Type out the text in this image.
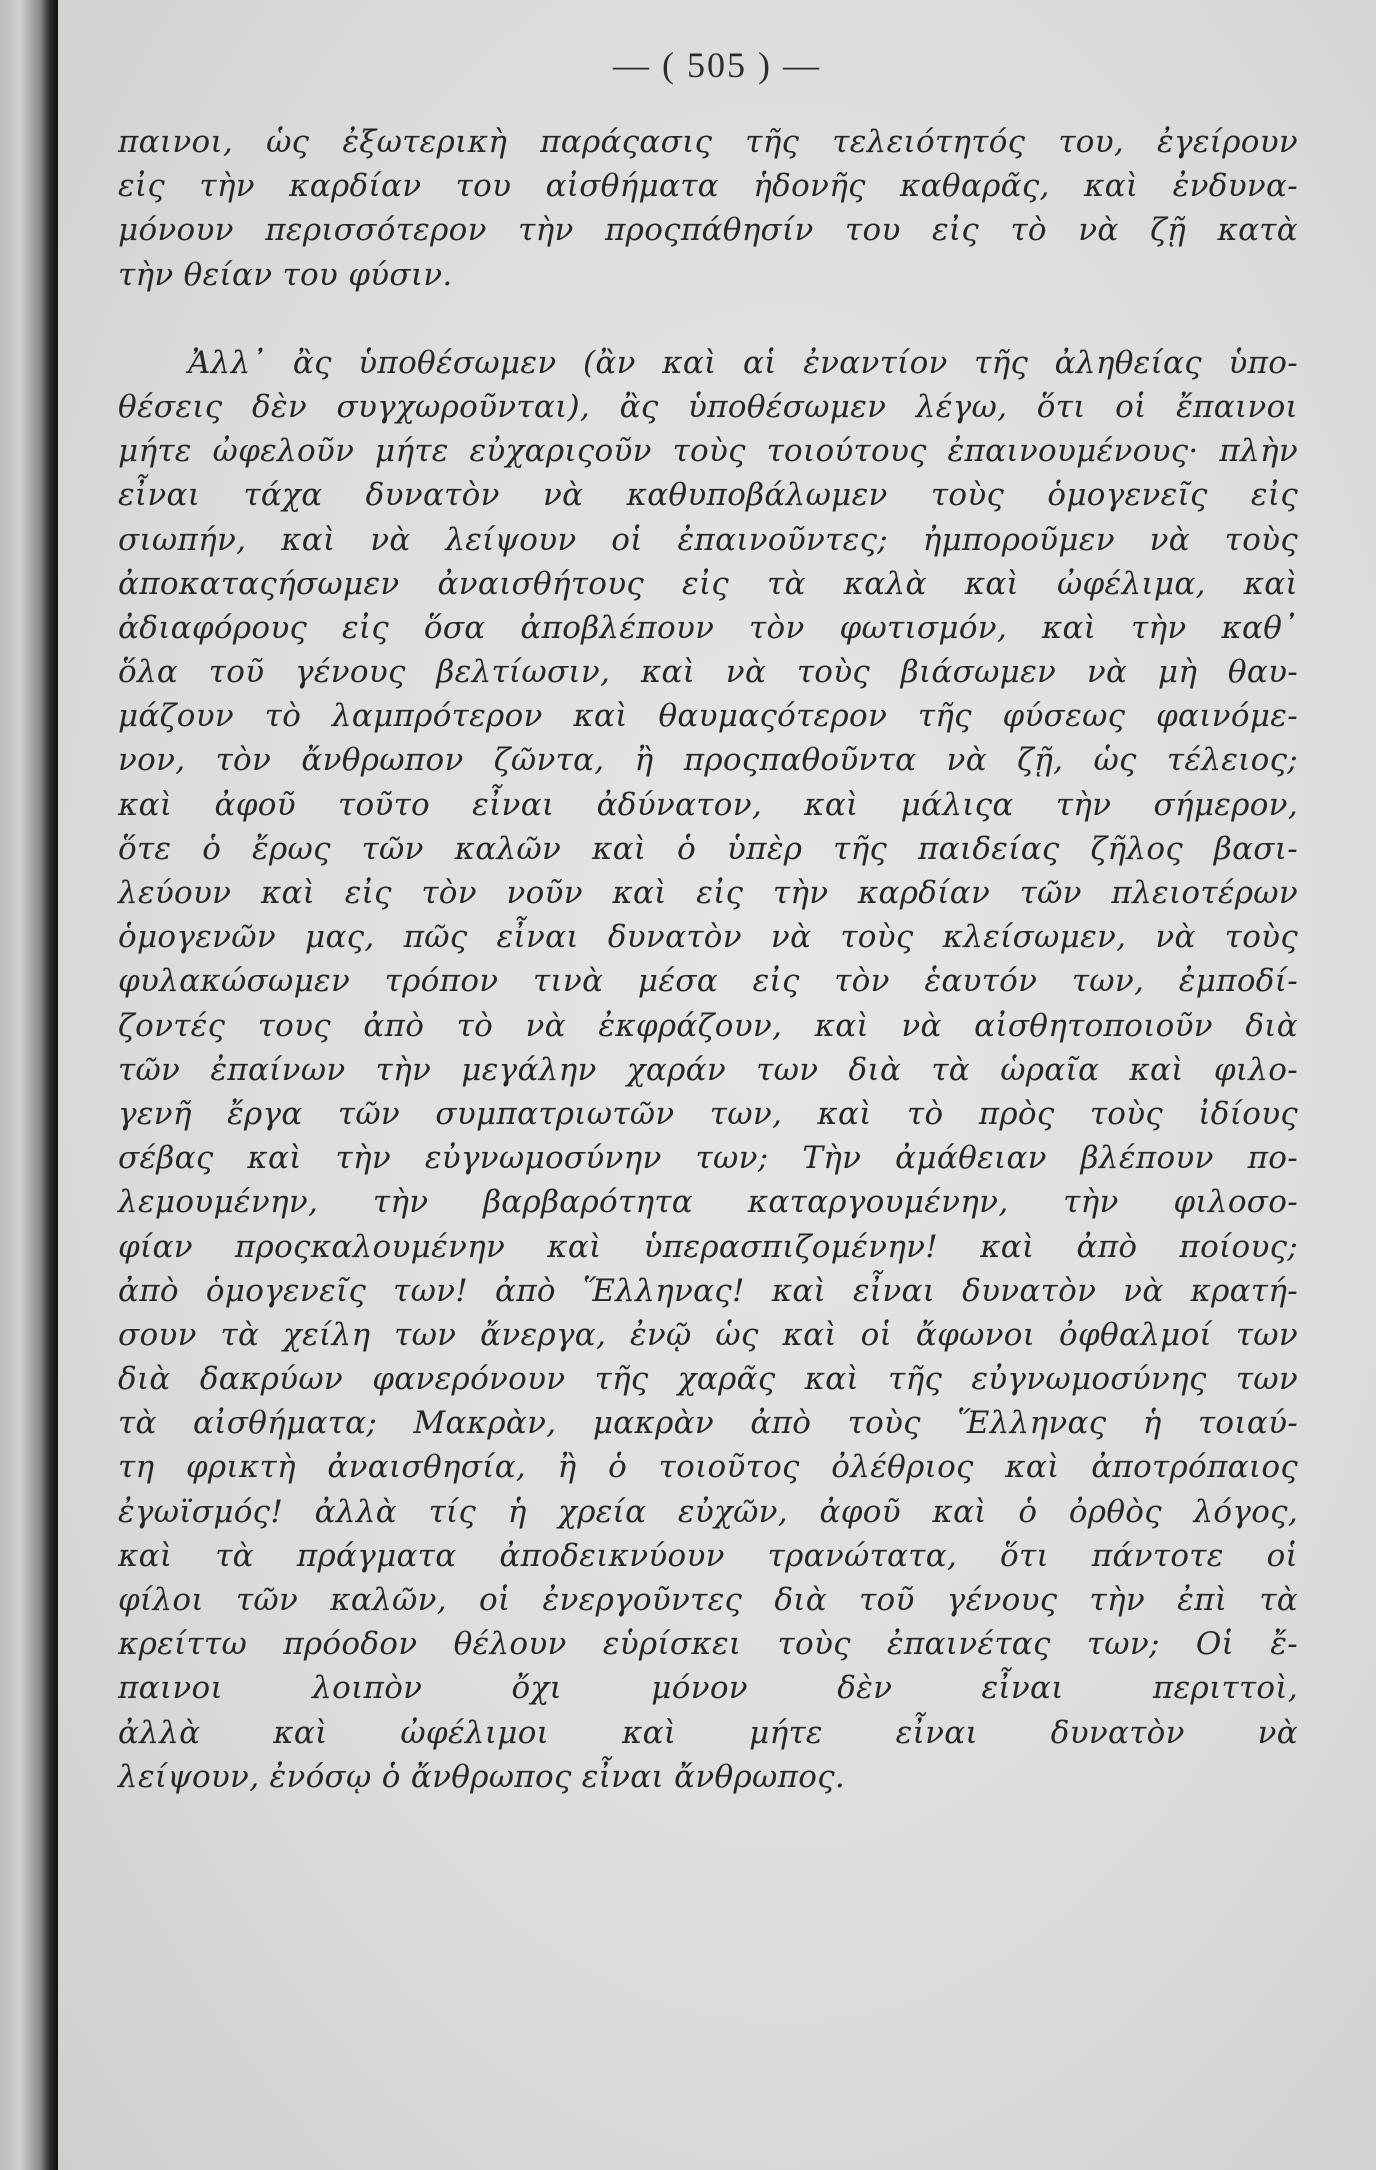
— ( 505 ) —
παινοι, ὡς ἐξωτερικὴ παράςασις τῆς τελειότητός του, ἐγείρουν
εἰς τὴν καρδίαν του αἰσθήματα ἡδονῆς καθαρᾶς, καὶ ἐνδυνα-
μόνουν περισσότερον τὴν προςπάθησίν του εἰς τὸ νὰ ζῇ κατὰ
τὴν θείαν του φύσιν.
Ἀλλ᾽ ἂς ὑποθέσωμεν (ἂν καὶ αἱ ἐναντίον τῆς ἀληθείας ὑπο-
θέσεις δὲν συγχωροῦνται), ἂς ὑποθέσωμεν λέγω, ὅτι οἱ ἔπαινοι
μήτε ὠφελοῦν μήτε εὐχαριςοῦν τοὺς τοιούτους ἐπαινουμένους· πλὴν
εἶναι τάχα δυνατὸν νὰ καθυποβάλωμεν τοὺς ὁμογενεῖς εἰς
σιωπήν, καὶ νὰ λείψουν οἱ ἐπαινοῦντες; ἠμποροῦμεν νὰ τοὺς
ἀποκαταςήσωμεν ἀναισθήτους εἰς τὰ καλὰ καὶ ὠφέλιμα, καὶ
ἀδιαφόρους εἰς ὅσα ἀποβλέπουν τὸν φωτισμόν, καὶ τὴν καθ᾽
ὅλα τοῦ γένους βελτίωσιν, καὶ νὰ τοὺς βιάσωμεν νὰ μὴ θαυ-
μάζουν τὸ λαμπρότερον καὶ θαυμαςότερον τῆς φύσεως φαινόμε-
νον, τὸν ἄνθρωπον ζῶντα, ἢ προςπαθοῦντα νὰ ζῇ, ὡς τέλειος;
καὶ ἀφοῦ τοῦτο εἶναι ἀδύνατον, καὶ μάλιςα τὴν σήμερον,
ὅτε ὁ ἔρως τῶν καλῶν καὶ ὁ ὑπὲρ τῆς παιδείας ζῆλος βασι-
λεύουν καὶ εἰς τὸν νοῦν καὶ εἰς τὴν καρδίαν τῶν πλειοτέρων
ὁμογενῶν μας, πῶς εἶναι δυνατὸν νὰ τοὺς κλείσωμεν, νὰ τοὺς
φυλακώσωμεν τρόπον τινὰ μέσα εἰς τὸν ἑαυτόν των, ἐμποδί-
ζοντές τους ἀπὸ τὸ νὰ ἐκφράζουν, καὶ νὰ αἰσθητοποιοῦν διὰ
τῶν ἐπαίνων τὴν μεγάλην χαράν των διὰ τὰ ὡραῖα καὶ φιλο-
γενῆ ἔργα τῶν συμπατριωτῶν των, καὶ τὸ πρὸς τοὺς ἰδίους
σέβας καὶ τὴν εὐγνωμοσύνην των; Τὴν ἀμάθειαν βλέπουν πο-
λεμουμένην, τὴν βαρβαρότητα καταργουμένην, τὴν φιλοσο-
φίαν προςκαλουμένην καὶ ὑπερασπιζομένην! καὶ ἀπὸ ποίους;
ἀπὸ ὁμογενεῖς των! ἀπὸ Ἕλληνας! καὶ εἶναι δυνατὸν νὰ κρατή-
σουν τὰ χείλη των ἄνεργα, ἐνῷ ὡς καὶ οἱ ἄφωνοι ὀφθαλμοί των
διὰ δακρύων φανερόνουν τῆς χαρᾶς καὶ τῆς εὐγνωμοσύνης των
τὰ αἰσθήματα; Μακρὰν, μακρὰν ἀπὸ τοὺς Ἕλληνας ἡ τοιαύ-
τη φρικτὴ ἀναισθησία, ἢ ὁ τοιοῦτος ὀλέθριος καὶ ἀποτρόπαιος
ἐγωϊσμός! ἀλλὰ τίς ἡ χρεία εὐχῶν, ἀφοῦ καὶ ὁ ὀρθὸς λόγος,
καὶ τὰ πράγματα ἀποδεικνύουν τρανώτατα, ὅτι πάντοτε οἱ
φίλοι τῶν καλῶν, οἱ ἐνεργοῦντες διὰ τοῦ γένους τὴν ἐπὶ τὰ
κρείττω πρόοδον θέλουν εὑρίσκει τοὺς ἐπαινέτας των; Οἱ ἔ-
παινοι λοιπὸν ὄχι μόνον δὲν εἶναι περιττοὶ,
ἀλλὰ καὶ ὠφέλιμοι καὶ μήτε εἶναι δυνατὸν νὰ
λείψουν, ἐνόσῳ ὁ ἄνθρωπος εἶναι ἄνθρωπος.
